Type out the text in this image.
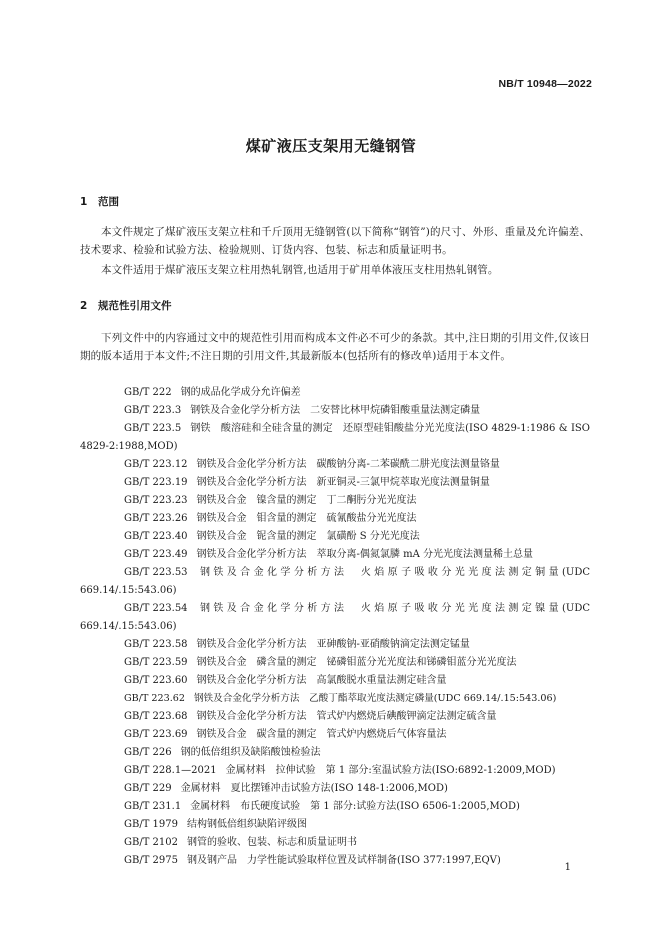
NB/T 10948—2022
煤矿液压支架用无缝钢管
1 范围
本文件规定了煤矿液压支架立柱和千斤顶用无缝钢管(以下简称“钢管”)的尺寸、外形、重量及允许偏差、技术要求、检验和试验方法、检验规则、订货内容、包装、标志和质量证明书。
本文件适用于煤矿液压支架立柱用热轧钢管,也适用于矿用单体液压支柱用热轧钢管。
2 规范性引用文件
下列文件中的内容通过文中的规范性引用而构成本文件必不可少的条款。其中,注日期的引用文件,仅该日期的版本适用于本文件;不注日期的引用文件,其最新版本(包括所有的修改单)适用于本文件。
GB/T 222 钢的成品化学成分允许偏差
GB/T 223.3 钢铁及合金化学分析方法　二安替比林甲烷磷钼酸重量法测定磷量
GB/T 223.5 钢铁　酸溶硅和全硅含量的测定　还原型硅钼酸盐分光光度法(ISO 4829-1:1986 & ISO 4829-2:1988,MOD)
GB/T 223.12 钢铁及合金化学分析方法　碳酸钠分离-二苯碳酰二肼光度法测量铬量
GB/T 223.19 钢铁及合金化学分析方法　新亚铜灵-三氯甲烷萃取光度法测量铜量
GB/T 223.23 钢铁及合金　镍含量的测定　丁二酮肟分光光度法
GB/T 223.26 钢铁及合金　钼含量的测定　硫氰酸盐分光光度法
GB/T 223.40 钢铁及合金　铌含量的测定　氯磺酚 S 分光光度法
GB/T 223.49 钢铁及合金化学分析方法　萃取分离-偶氮氯膦 mA 分光光度法测量稀土总量
GB/T 223.53 钢铁及合金化学分析方法　火焰原子吸收分光光度法测定铜量(UDC 669.14/.15:543.06)
GB/T 223.54 钢铁及合金化学分析方法　火焰原子吸收分光光度法测定镍量(UDC 669.14/.15:543.06)
GB/T 223.58 钢铁及合金化学分析方法　亚砷酸钠-亚硝酸钠滴定法测定锰量
GB/T 223.59 钢铁及合金　磷含量的测定　铋磷钼蓝分光光度法和锑磷钼蓝分光光度法
GB/T 223.60 钢铁及合金化学分析方法　高氯酸脱水重量法测定硅含量
GB/T 223.62 钢铁及合金化学分析方法　乙酸丁酯萃取光度法测定磷量(UDC 669.14/.15:543.06)
GB/T 223.68 钢铁及合金化学分析方法　管式炉内燃烧后碘酸钾滴定法测定硫含量
GB/T 223.69 钢铁及合金　碳含量的测定　管式炉内燃烧后气体容量法
GB/T 226 钢的低倍组织及缺陷酸蚀检验法
GB/T 228.1—2021 金属材料　拉伸试验　第 1 部分:室温试验方法(ISO:6892-1:2009,MOD)
GB/T 229 金属材料　夏比摆锤冲击试验方法(ISO 148-1:2006,MOD)
GB/T 231.1 金属材料　布氏硬度试验　第 1 部分:试验方法(ISO 6506-1:2005,MOD)
GB/T 1979 结构钢低倍组织缺陷评级图
GB/T 2102 钢管的验收、包装、标志和质量证明书
GB/T 2975 钢及钢产品　力学性能试验取样位置及试样制备(ISO 377:1997,EQV)
1
